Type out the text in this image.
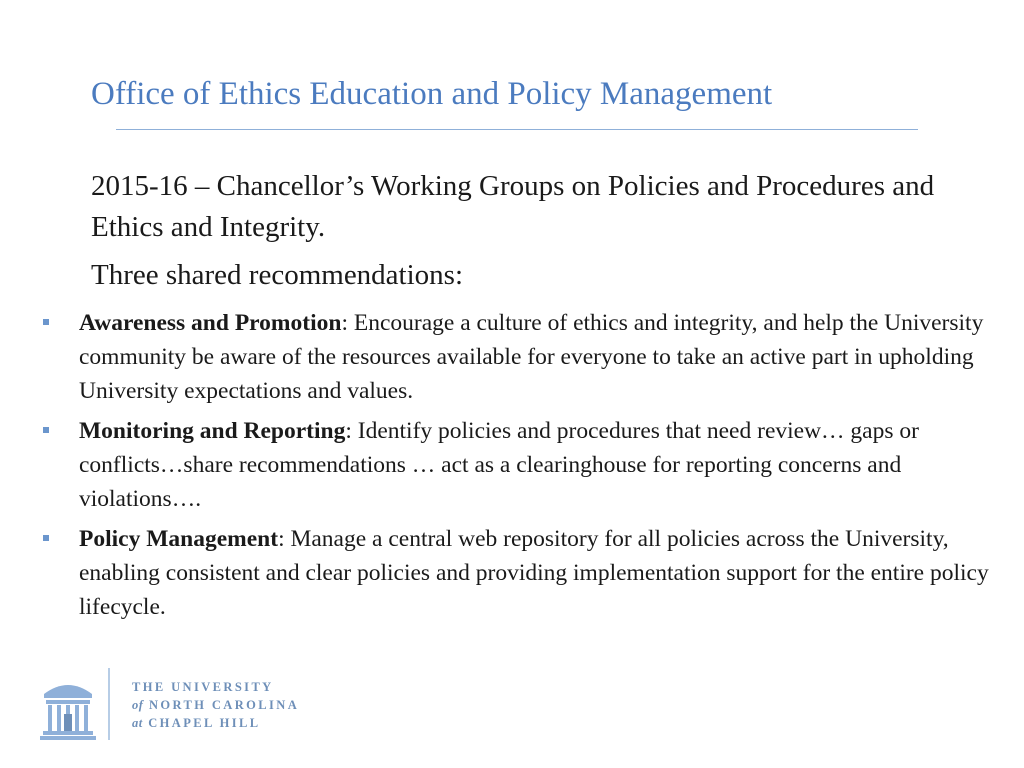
Office of Ethics Education and Policy Management

2015-16 – Chancellor’s Working Groups on Policies and Procedures and Ethics and Integrity.

Three shared recommendations:

Awareness and Promotion: Encourage a culture of ethics and integrity, and help the University community be aware of the resources available for everyone to take an active part in upholding University expectations and values.
Monitoring and Reporting: Identify policies and procedures that need review… gaps or conflicts…share recommendations … act as a clearinghouse for reporting concerns and violations….
Policy Management: Manage a central web repository for all policies across the University, enabling consistent and clear policies and providing implementation support for the entire policy lifecycle.
THE UNIVERSITY
of NORTH CAROLINA
at CHAPEL HILL
